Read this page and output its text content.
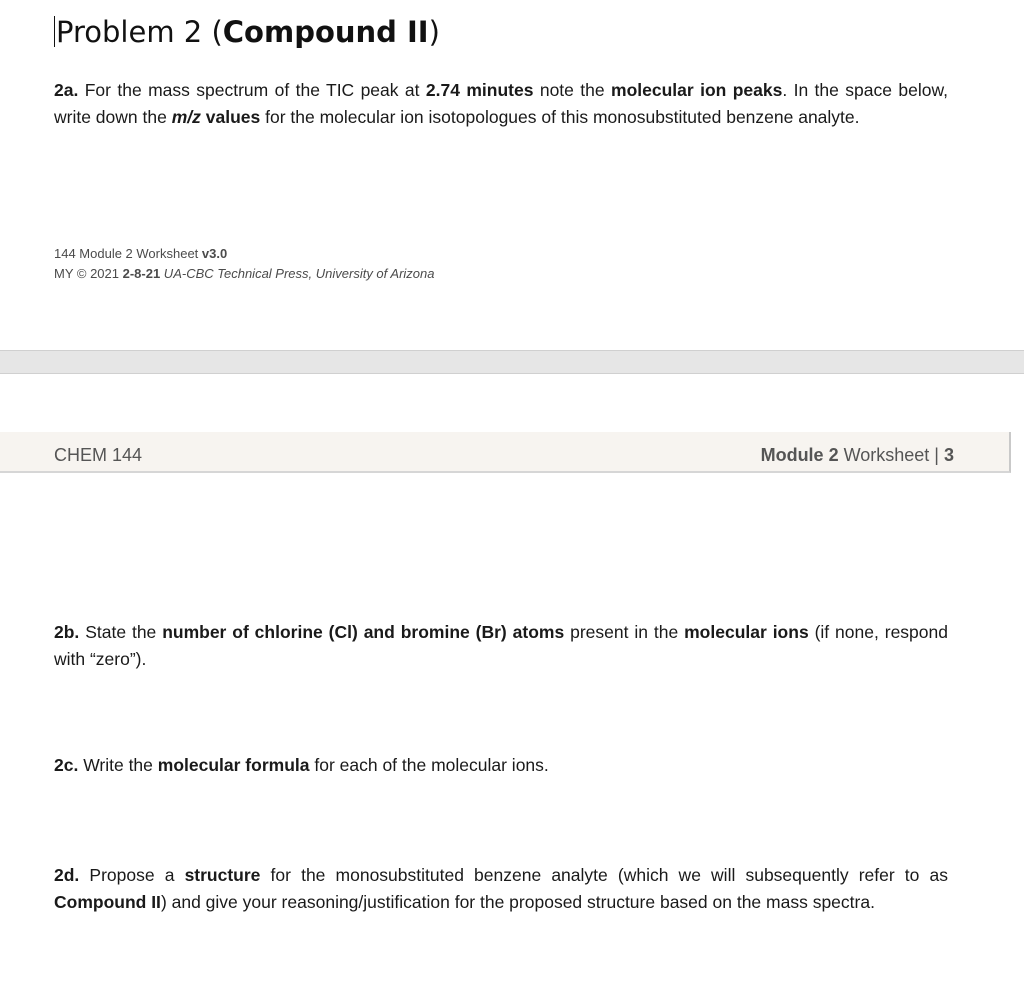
Problem 2 (Compound II)
2a. For the mass spectrum of the TIC peak at 2.74 minutes note the molecular ion peaks. In the space below, write down the m/z values for the molecular ion isotopologues of this monosubstituted benzene analyte.
144 Module 2 Worksheet v3.0
MY © 2021 2-8-21 UA-CBC Technical Press, University of Arizona
CHEM 144	Module 2 Worksheet | 3
2b. State the number of chlorine (Cl) and bromine (Br) atoms present in the molecular ions (if none, respond with “zero”).
2c. Write the molecular formula for each of the molecular ions.
2d. Propose a structure for the monosubstituted benzene analyte (which we will subsequently refer to as Compound II) and give your reasoning/justification for the proposed structure based on the mass spectra.
